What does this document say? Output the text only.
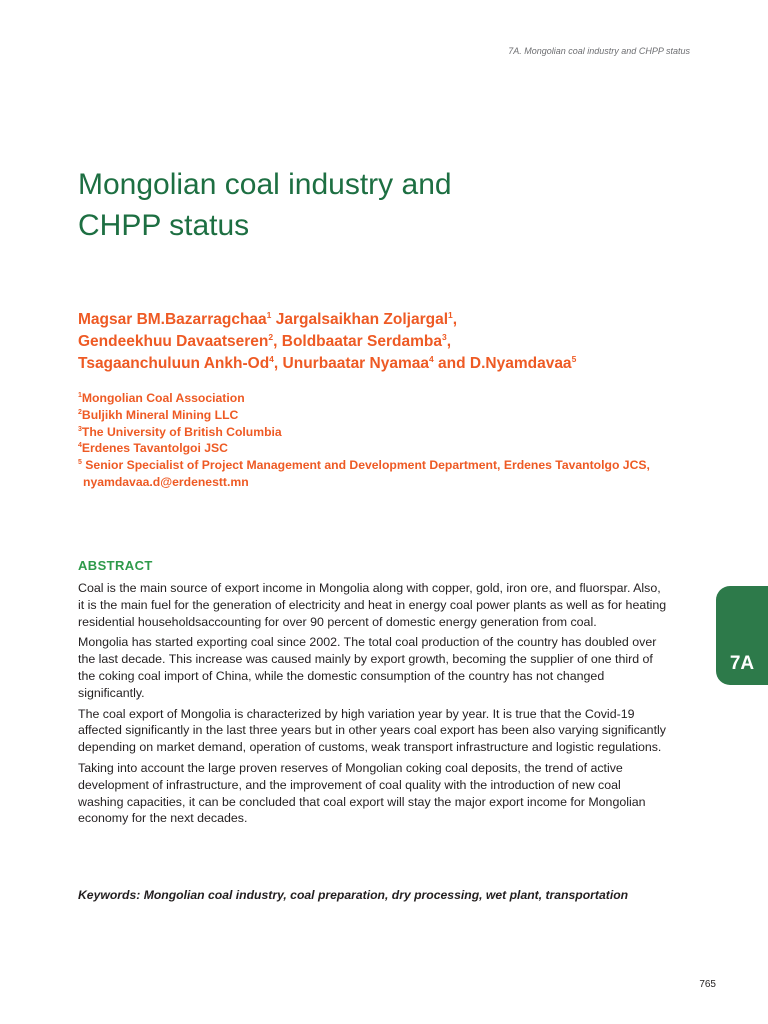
7A. Mongolian coal industry and CHPP status
Mongolian coal industry and
CHPP status
Magsar BM.Bazarragchaa$^1$ Jargalsaikhan Zoljargal$^1$,
Gendeekhuu Davaatseren$^2$, Boldbaatar Serdamba$^3$,
Tsagaanchuluun Ankh-Od$^4$, Unurbaatar Nyamaa$^4$ and D.Nyamdavaa$^5$
$^1$Mongolian Coal Association
$^2$Buljikh Mineral Mining LLC
$^3$The University of British Columbia
$^4$Erdenes Tavantolgoi JSC
$^5$ Senior Specialist of Project Management and Development Department, Erdenes Tavantolgo JCS,
nyamdavaa.d@erdenestt.mn
ABSTRACT

Coal is the main source of export income in Mongolia along with copper, gold, iron ore, and fluorspar. Also, it is the main fuel for the generation of electricity and heat in energy coal power plants as well as for heating residential householdsaccounting for over 90 percent of domestic energy generation from coal.

Mongolia has started exporting coal since 2002. The total coal production of the country has doubled over the last decade. This increase was caused mainly by export growth, becoming the supplier of one third of the coking coal import of China, while the domestic consumption of the country has not changed significantly.

The coal export of Mongolia is characterized by high variation year by year. It is true that the Covid-19 affected significantly in the last three years but in other years coal export has been also varying significantly depending on market demand, operation of customs, weak transport infrastructure and logistic regulations.

Taking into account the large proven reserves of Mongolian coking coal deposits, the trend of active development of infrastructure, and the improvement of coal quality with the introduction of new coal washing capacities, it can be concluded that coal export will stay the major export income for Mongolian economy for the next decades.

Keywords: Mongolian coal industry, coal preparation, dry processing, wet plant, transportation
7A
765
